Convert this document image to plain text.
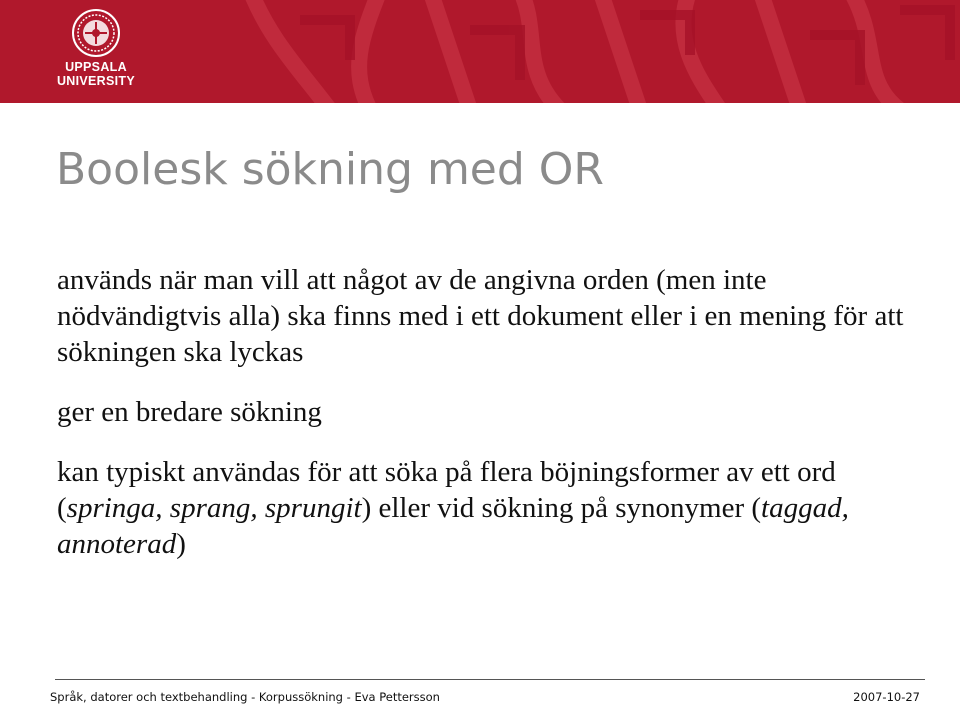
UPPSALA
UNIVERSITY
Boolesk sökning med OR

används när man vill att något av de angivna orden (men inte nödvändigtvis alla) ska finns med i ett dokument eller i en mening för att sökningen ska lyckas

ger en bredare sökning

kan typiskt användas för att söka på flera böjningsformer av ett ord (springa, sprang, sprungit) eller vid sökning på synonymer (taggad, annoterad)

Språk, datorer och textbehandling - Korpussökning - Eva Pettersson	2007-10-27
